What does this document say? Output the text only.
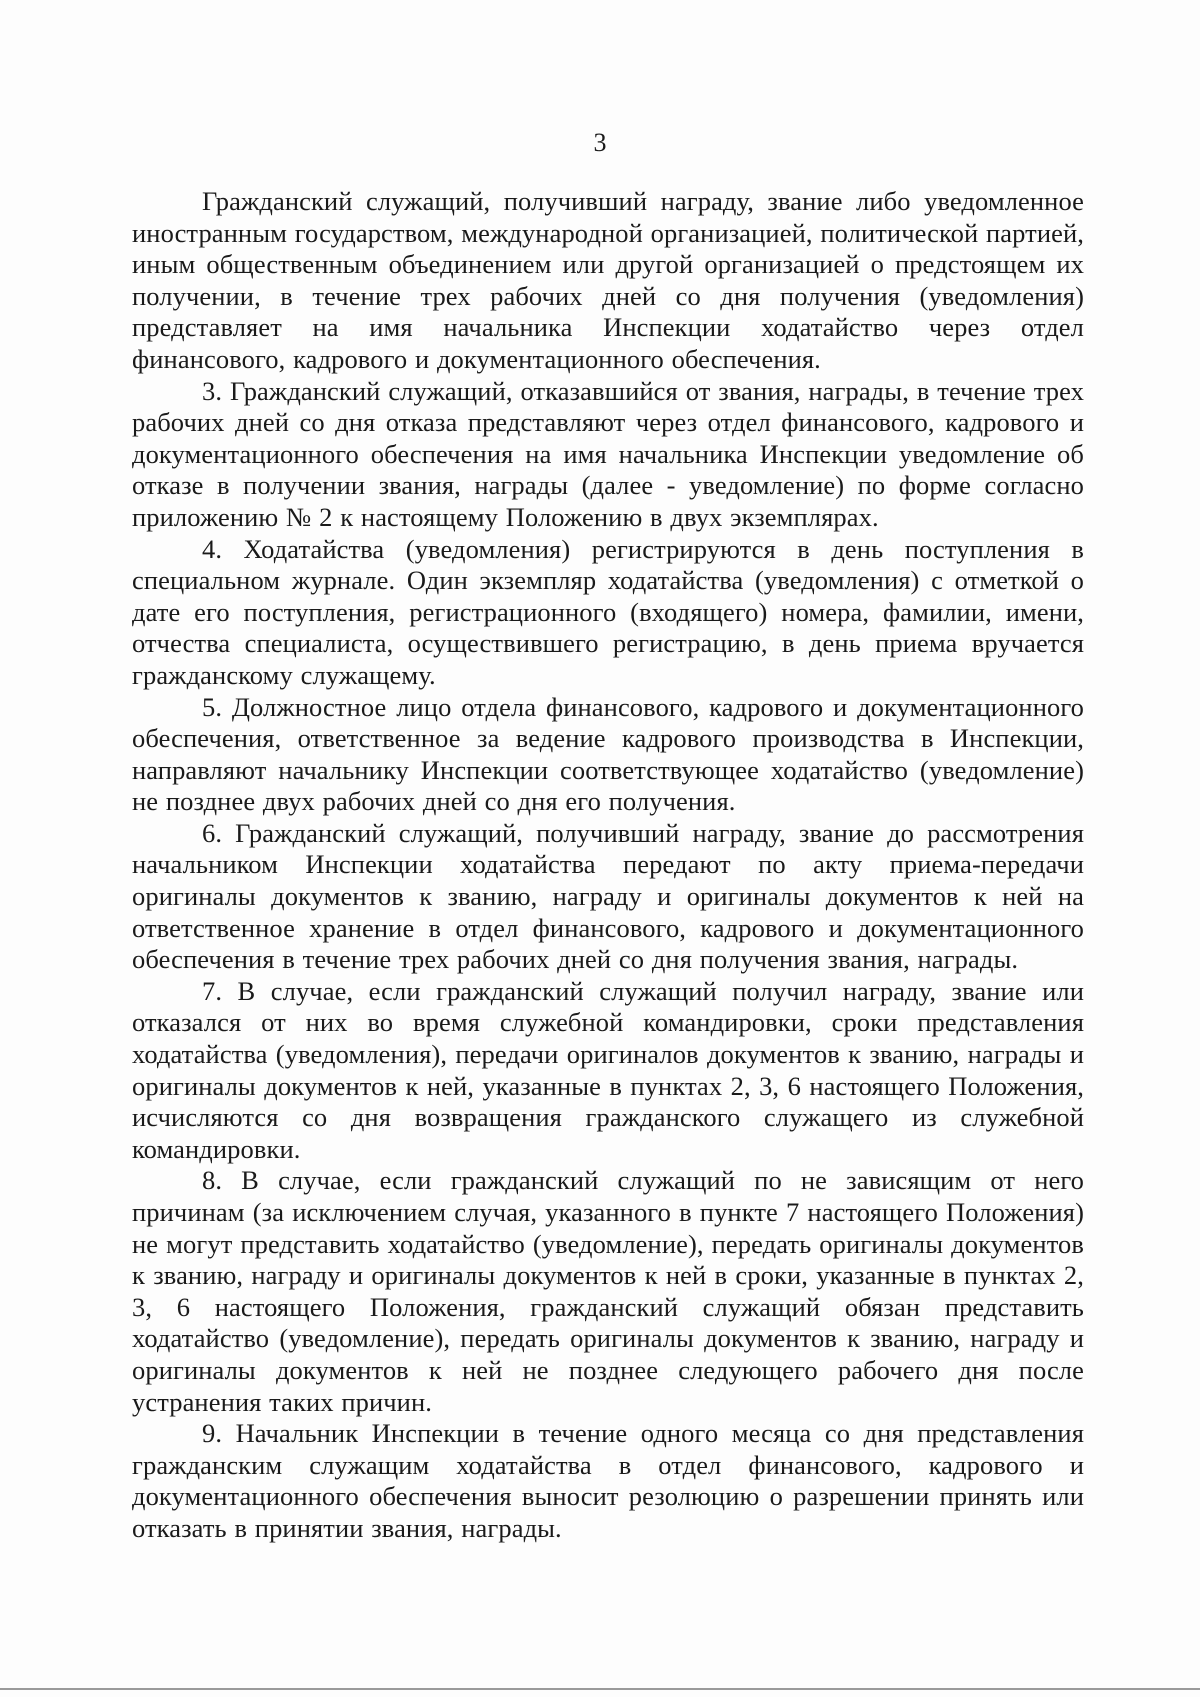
3

Гражданский служащий, получивший награду, звание либо уведомленное иностранным государством, международной организацией, политической партией, иным общественным объединением или другой организацией о предстоящем их получении, в течение трех рабочих дней со дня получения (уведомления) представляет на имя начальника Инспекции ходатайство через отдел финансового, кадрового и документационного обеспечения.

3. Гражданский служащий, отказавшийся от звания, награды, в течение трех рабочих дней со дня отказа представляют через отдел финансового, кадрового и документационного обеспечения на имя начальника Инспекции уведомление об отказе в получении звания, награды (далее - уведомление) по форме согласно приложению № 2 к настоящему Положению в двух экземплярах.

4. Ходатайства (уведомления) регистрируются в день поступления в специальном журнале. Один экземпляр ходатайства (уведомления) с отметкой о дате его поступления, регистрационного (входящего) номера, фамилии, имени, отчества специалиста, осуществившего регистрацию, в день приема вручается гражданскому служащему.

5. Должностное лицо отдела финансового, кадрового и документационного обеспечения, ответственное за ведение кадрового производства в Инспекции, направляют начальнику Инспекции соответствующее ходатайство (уведомление) не позднее двух рабочих дней со дня его получения.

6. Гражданский служащий, получивший награду, звание до рассмотрения начальником Инспекции ходатайства передают по акту приема-передачи оригиналы документов к званию, награду и оригиналы документов к ней на ответственное хранение в отдел финансового, кадрового и документационного обеспечения в течение трех рабочих дней со дня получения звания, награды.

7. В случае, если гражданский служащий получил награду, звание или отказался от них во время служебной командировки, сроки представления ходатайства (уведомления), передачи оригиналов документов к званию, награды и оригиналы документов к ней, указанные в пунктах 2, 3, 6 настоящего Положения, исчисляются со дня возвращения гражданского служащего из служебной командировки.

8. В случае, если гражданский служащий по не зависящим от него причинам (за исключением случая, указанного в пункте 7 настоящего Положения) не могут представить ходатайство (уведомление), передать оригиналы документов к званию, награду и оригиналы документов к ней в сроки, указанные в пунктах 2, 3, 6 настоящего Положения, гражданский служащий обязан представить ходатайство (уведомление), передать оригиналы документов к званию, награду и оригиналы документов к ней не позднее следующего рабочего дня после устранения таких причин.

9. Начальник Инспекции в течение одного месяца со дня представления гражданским служащим ходатайства в отдел финансового, кадрового и документационного обеспечения выносит резолюцию о разрешении принять или отказать в принятии звания, награды.
